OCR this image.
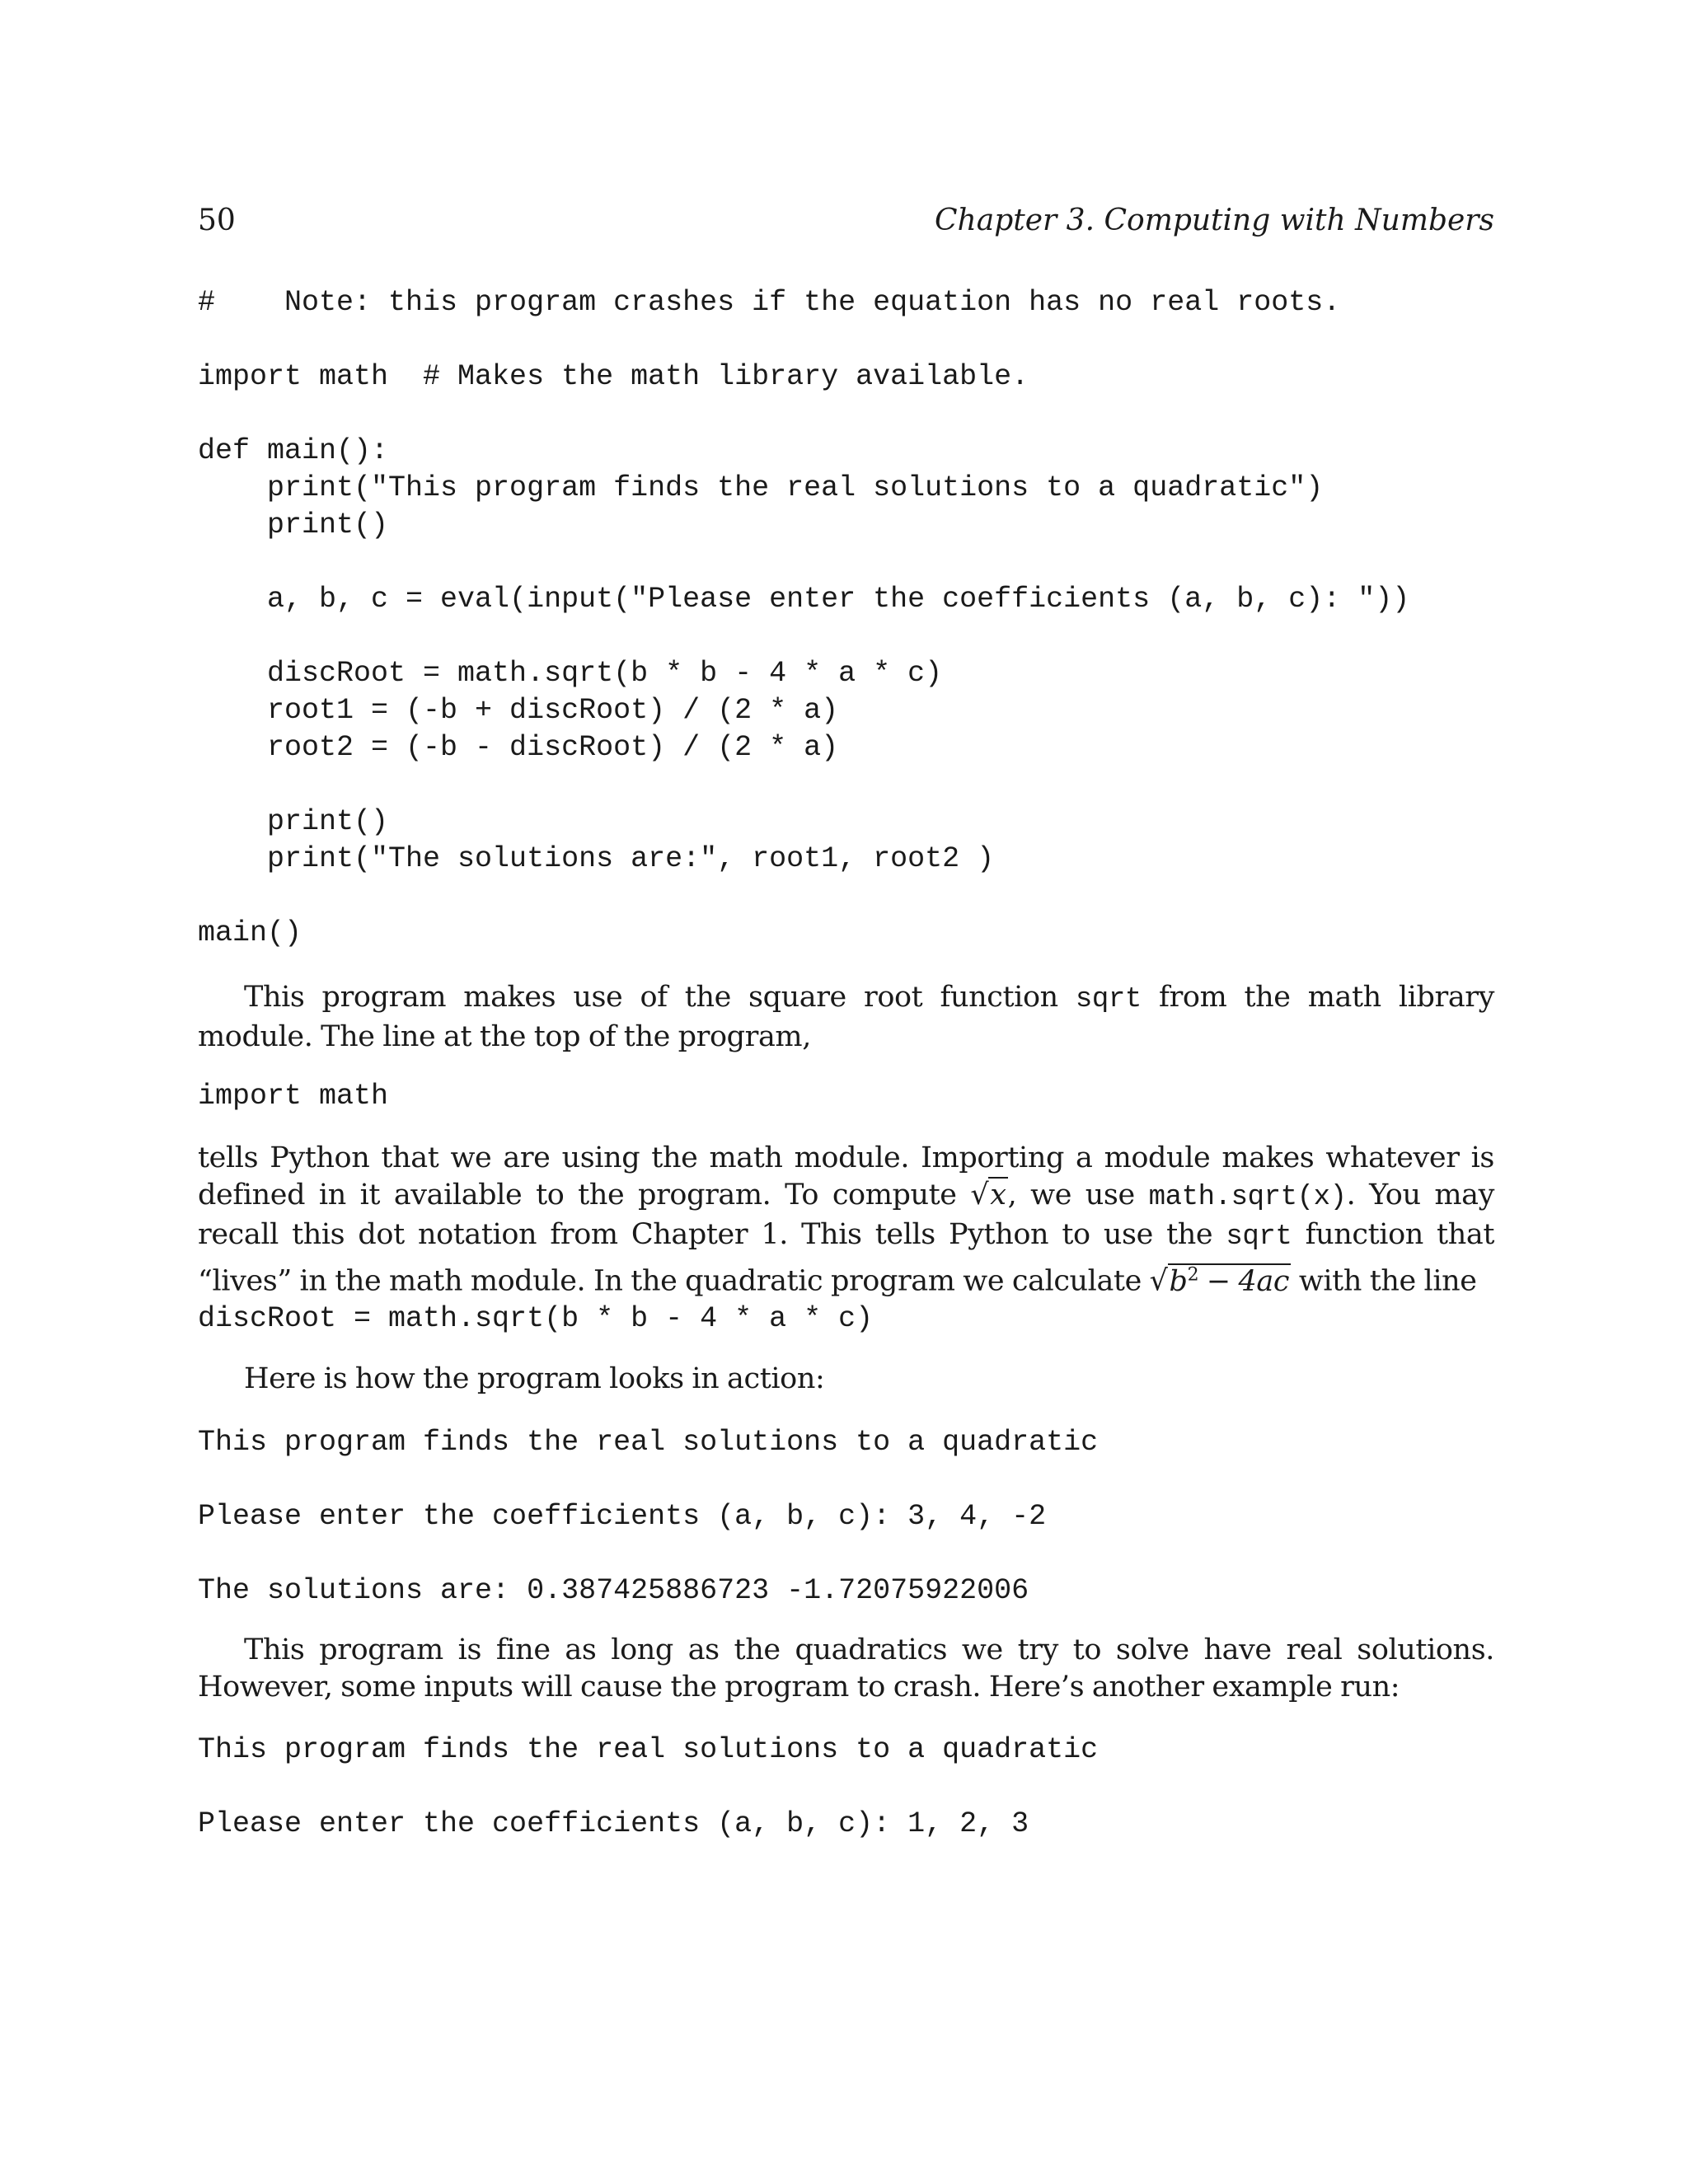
50	Chapter 3. Computing with Numbers
#    Note: this program crashes if the equation has no real roots.
import math  # Makes the math library available.
def main():
print("This program finds the real solutions to a quadratic")
print()
a, b, c = eval(input("Please enter the coefficients (a, b, c): "))
discRoot = math.sqrt(b * b - 4 * a * c)
root1 = (-b + discRoot) / (2 * a)
root2 = (-b - discRoot) / (2 * a)
print()
print("The solutions are:", root1, root2 )
main()

This program makes use of the square root function sqrt from the math library module. The line at the top of the program,

import math

tells Python that we are using the math module. Importing a module makes whatever is defined in it available to the program. To compute √x, we use math.sqrt(x). You may recall this dot notation from Chapter 1. This tells Python to use the sqrt function that “lives” in the math module. In the quadratic program we calculate $√b^2 - 4ac$ with the line

discRoot = math.sqrt(b * b - 4 * a * c)

Here is how the program looks in action:

This program finds the real solutions to a quadratic
Please enter the coefficients (a, b, c): 3, 4, -2
The solutions are: 0.387425886723 -1.72075922006

This program is fine as long as the quadratics we try to solve have real solutions. However, some inputs will cause the program to crash. Here’s another example run:

This program finds the real solutions to a quadratic
Please enter the coefficients (a, b, c): 1, 2, 3
